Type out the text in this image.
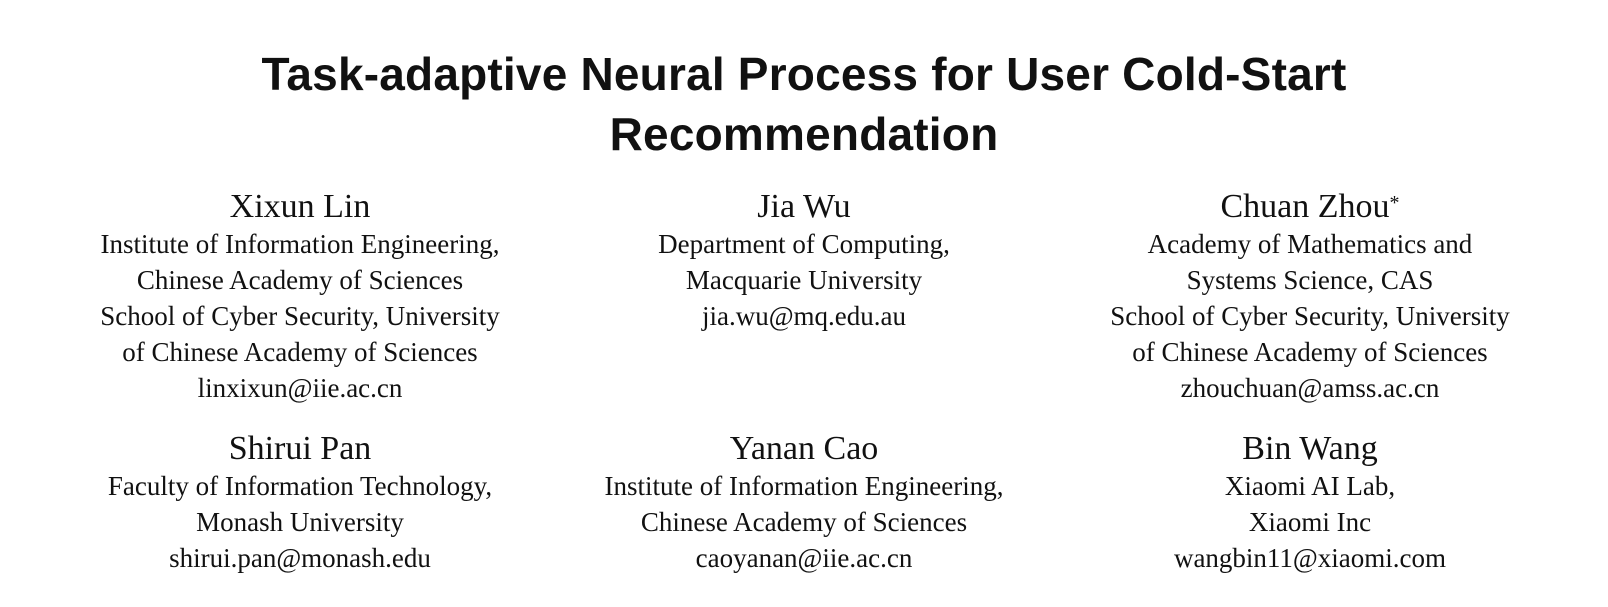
Task-adaptive Neural Process for User Cold-Start
Recommendation
Xixun Lin
Institute of Information Engineering,
Chinese Academy of Sciences
School of Cyber Security, University
of Chinese Academy of Sciences
linxixun@iie.ac.cn
Jia Wu
Department of Computing,
Macquarie University
jia.wu@mq.edu.au
Chuan Zhou*
Academy of Mathematics and
Systems Science, CAS
School of Cyber Security, University
of Chinese Academy of Sciences
zhouchuan@amss.ac.cn
Shirui Pan
Faculty of Information Technology,
Monash University
shirui.pan@monash.edu
Yanan Cao
Institute of Information Engineering,
Chinese Academy of Sciences
caoyanan@iie.ac.cn
Bin Wang
Xiaomi AI Lab,
Xiaomi Inc
wangbin11@xiaomi.com
